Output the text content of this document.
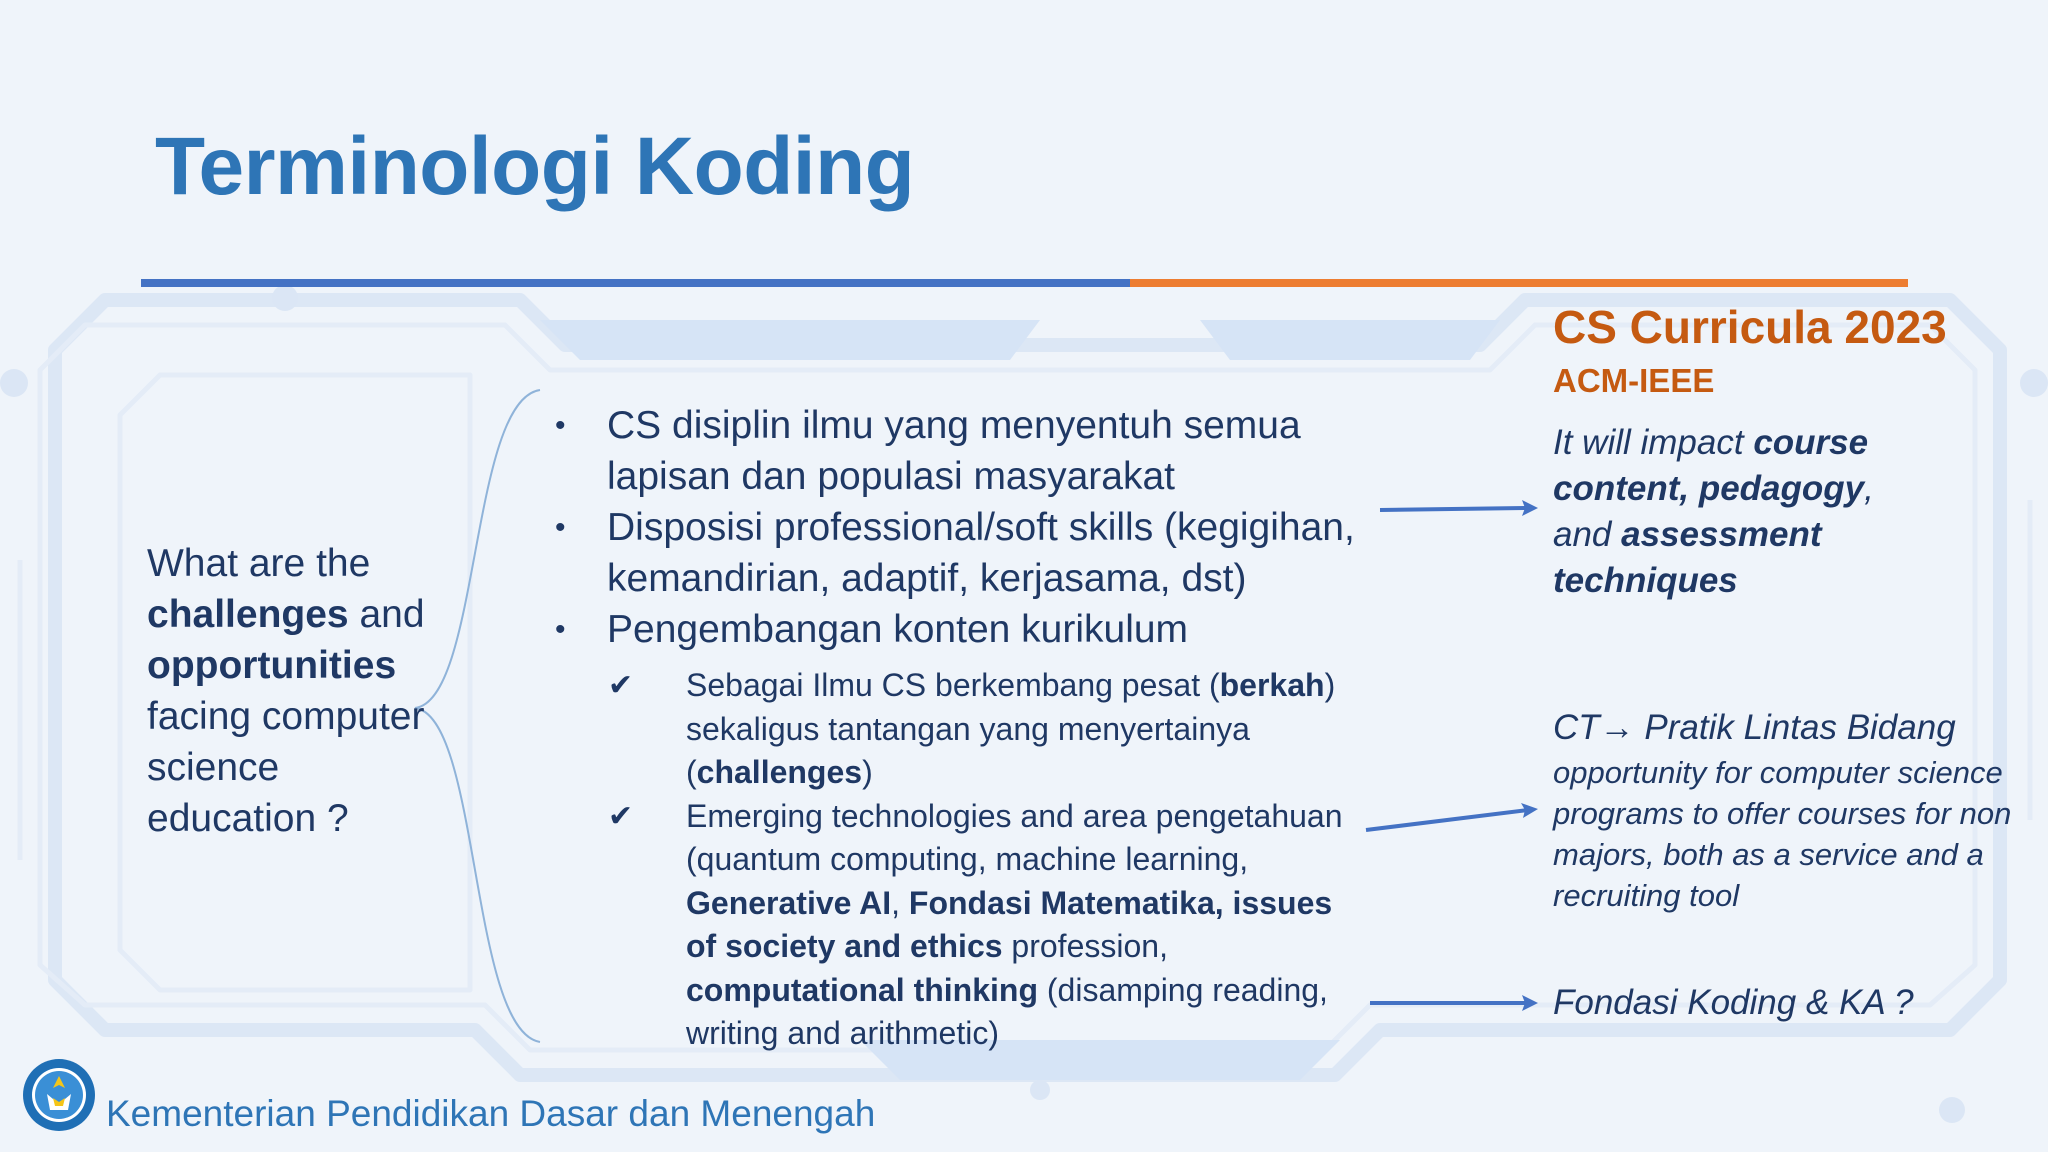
Terminologi Koding
What are the challenges and opportunities facing computer science education ?
• CS disiplin ilmu yang menyentuh semua lapisan dan populasi masyarakat
• Disposisi professional/soft skills (kegigihan, kemandirian, adaptif, kerjasama, dst)
• Pengembangan konten kurikulum
✔ Sebagai Ilmu CS berkembang pesat (berkah) sekaligus tantangan yang menyertainya (challenges)
✔ Emerging technologies and area pengetahuan (quantum computing, machine learning, Generative AI, Fondasi Matematika, issues of society and ethics profession, computational thinking (disamping reading, writing and arithmetic)
CS Curricula 2023
ACM-IEEE
It will impact course content, pedagogy, and assessment techniques
CT→ Pratik Lintas Bidang
opportunity for computer science programs to offer courses for non majors, both as a service and a recruiting tool
Fondasi Koding & KA ?
Kementerian Pendidikan Dasar dan Menengah
